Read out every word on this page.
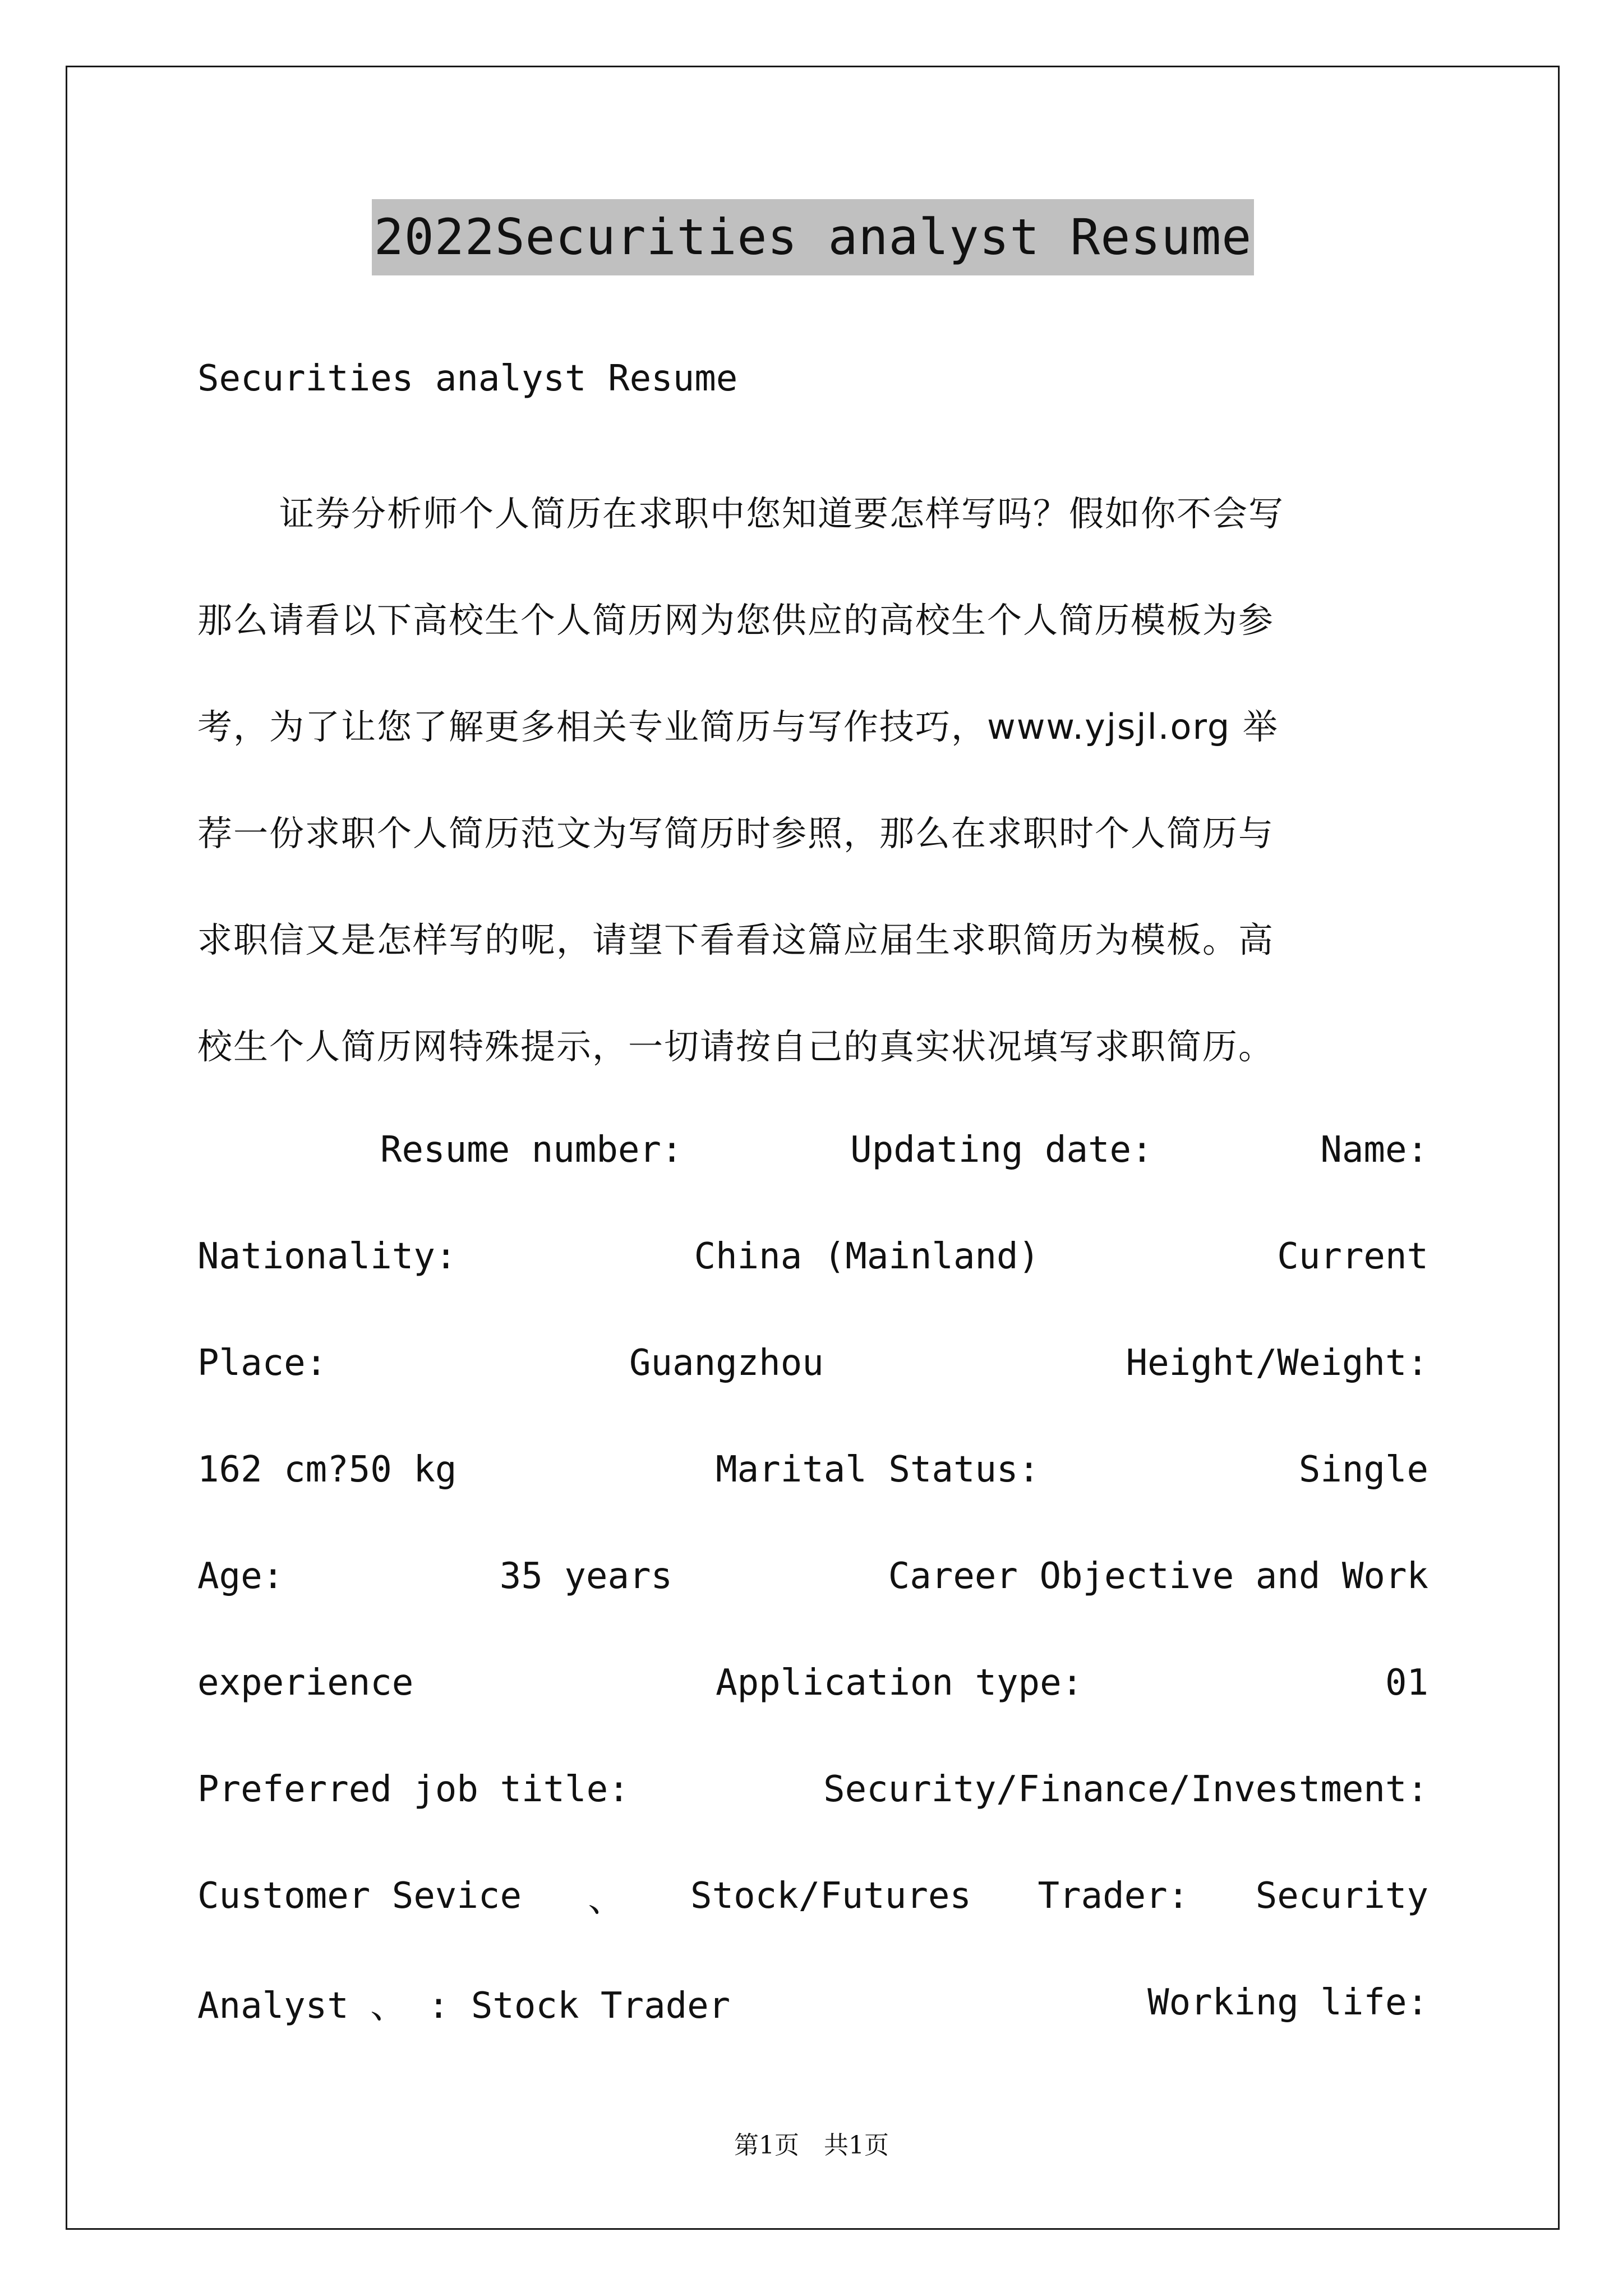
2022Securities analyst Resume
Securities analyst Resume
证券分析师个人简历在求职中您知道要怎样写吗？假如你不会写
那么请看以下高校生个人简历网为您供应的高校生个人简历模板为参
考，为了让您了解更多相关专业简历与写作技巧，www.yjsjl.org 举
荐一份求职个人简历范文为写简历时参照，那么在求职时个人简历与
求职信又是怎样写的呢，请望下看看这篇应届生求职简历为模板。高
校生个人简历网特殊提示，一切请按自己的真实状况填写求职简历。
Resume number:	Updating date:	Name:
Nationality:	China (Mainland)	Current
Place:	Guangzhou	Height/Weight:
162 cm?50 kg	Marital Status:	Single
Age:	35 years	Career Objective and Work
experience	Application type:	01
Preferred job title:	Security/Finance/Investment:
Customer Sevice 、 Stock/Futures Trader: Security
Analyst 、 : Stock Trader	Working life:
第1页　共1页
